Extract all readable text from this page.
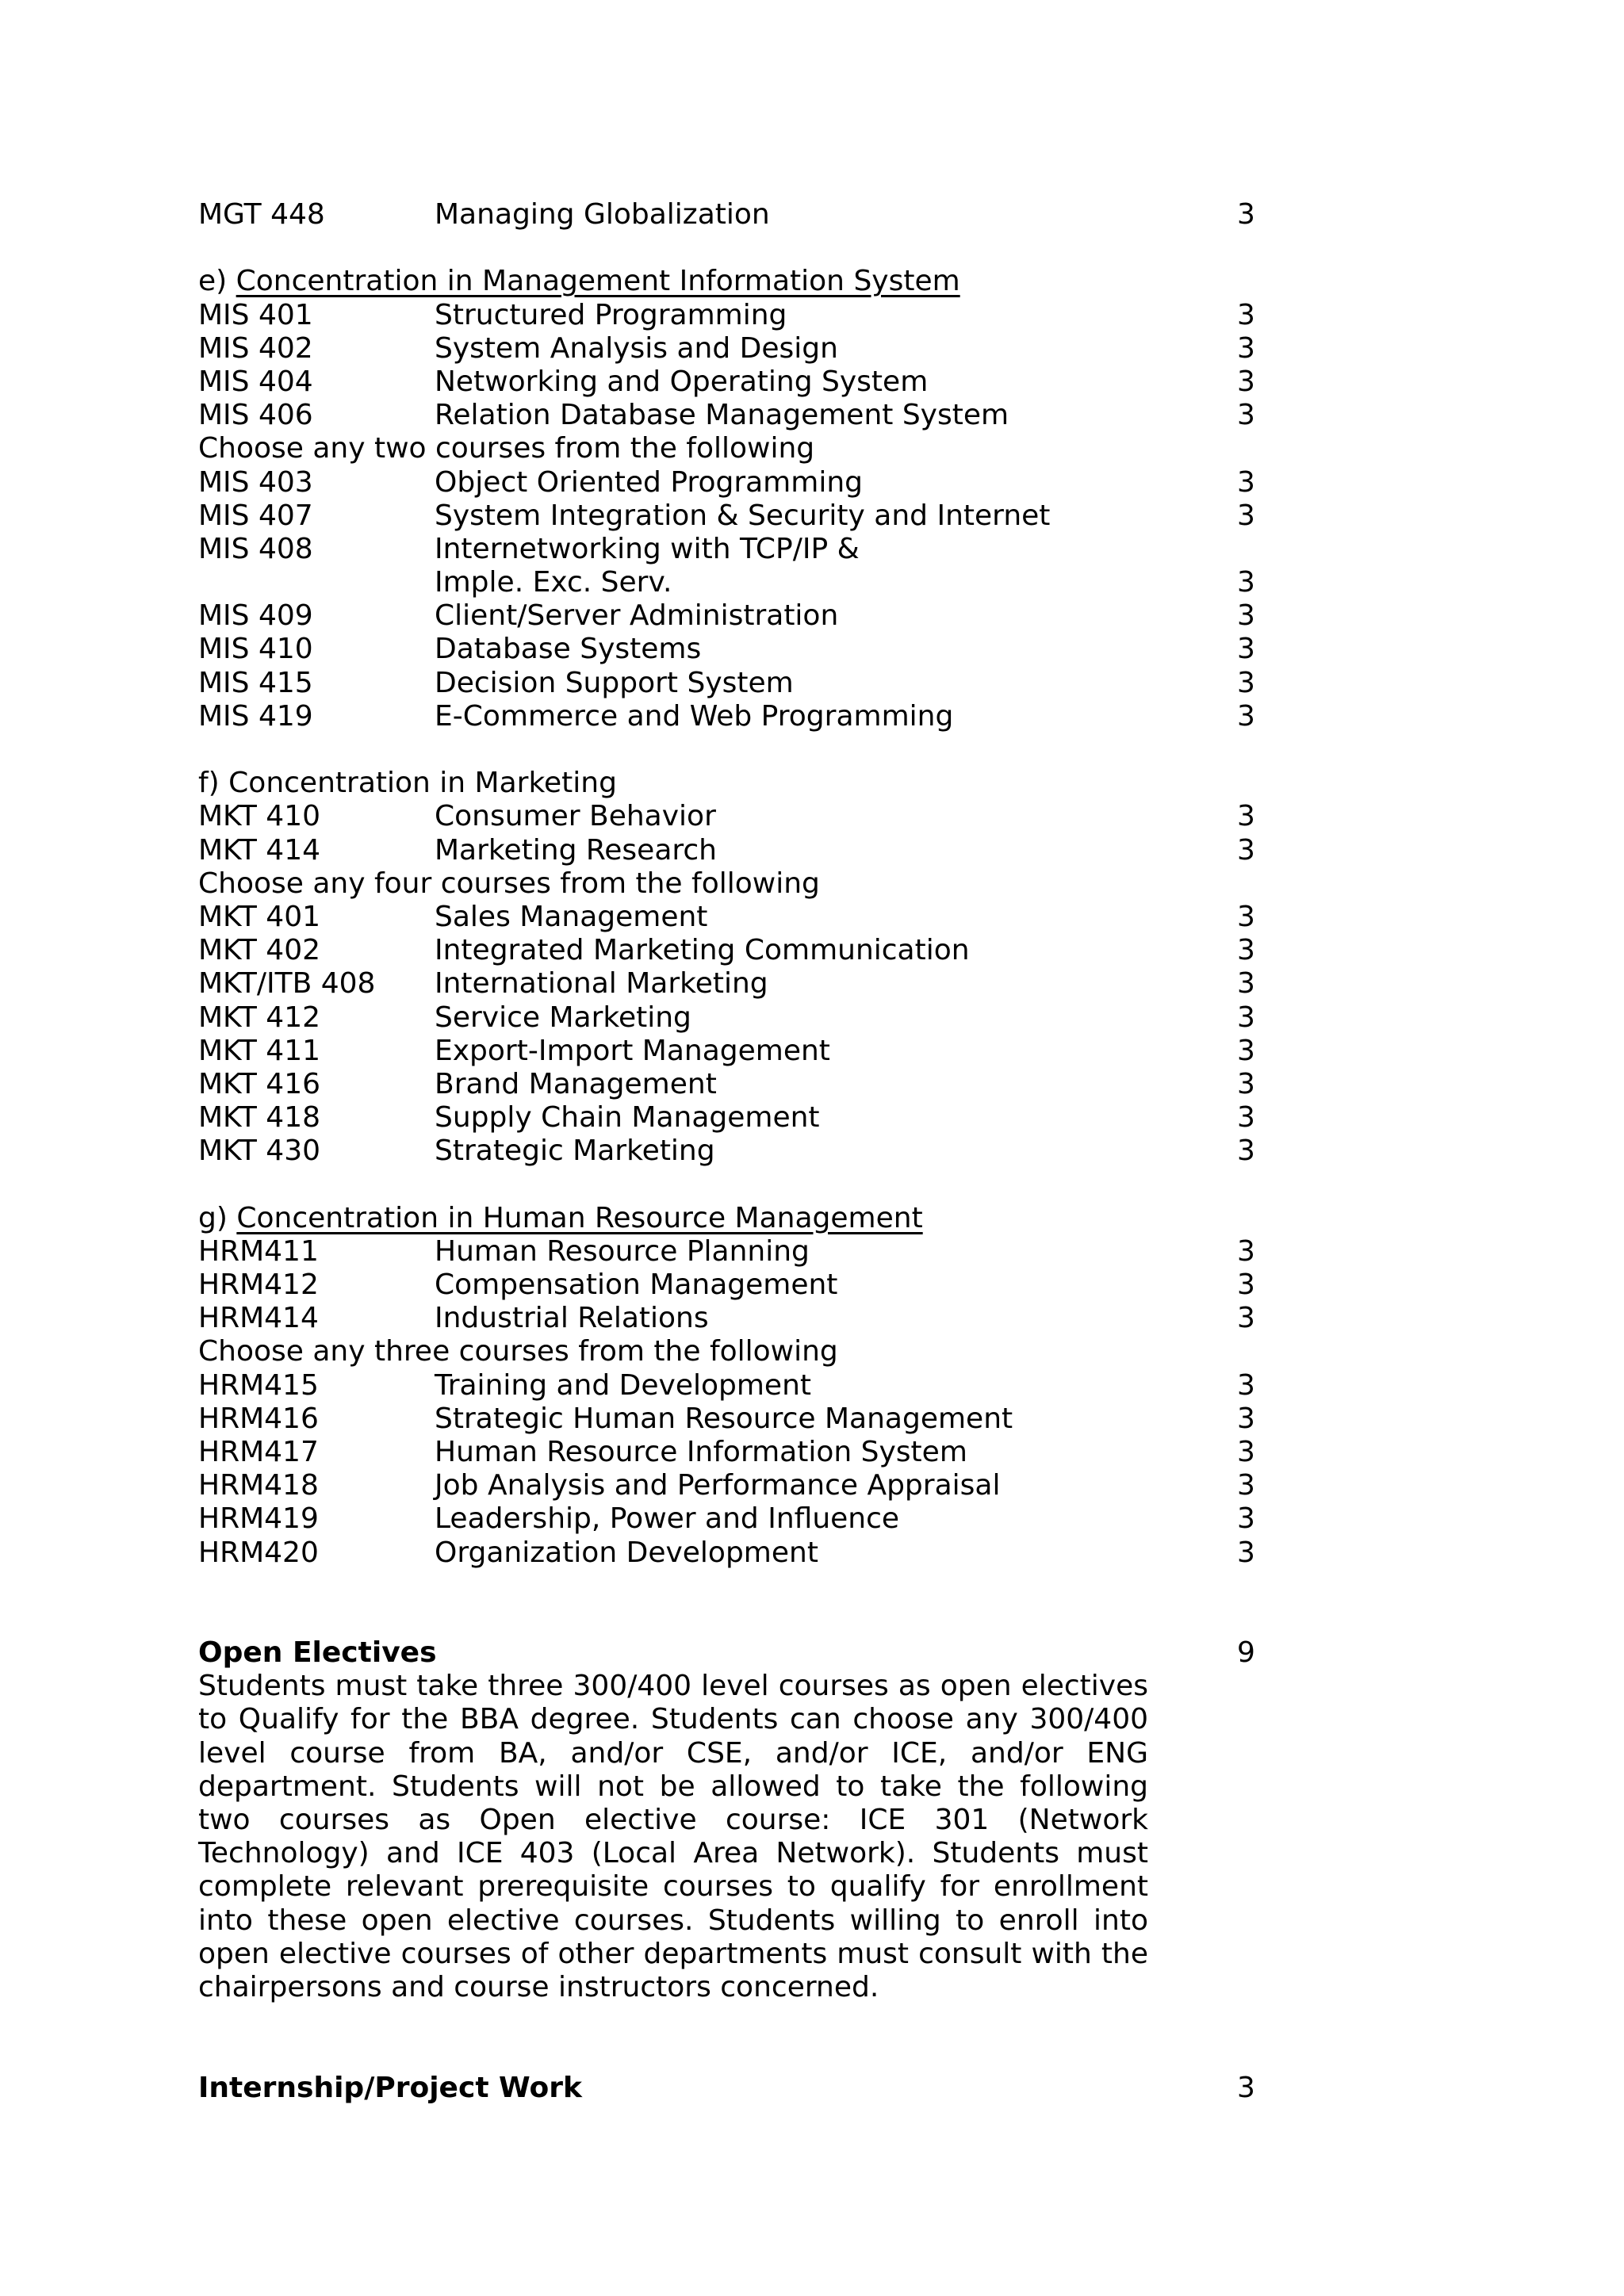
MGT 448	Managing Globalization	3
e) Concentration in Management Information System
MIS 401	Structured Programming	3
MIS 402	System Analysis and Design	3
MIS 404	Networking and Operating System	3
MIS 406	Relation Database Management System	3
Choose any two courses from the following
MIS 403	Object Oriented Programming	3
MIS 407	System Integration & Security and Internet	3
MIS 408	Internetworking with TCP/IP &
Imple. Exc. Serv.	3
MIS 409	Client/Server Administration	3
MIS 410	Database Systems	3
MIS 415	Decision Support System	3
MIS 419	E-Commerce and Web Programming	3
f) Concentration in Marketing
MKT 410	Consumer Behavior	3
MKT 414	Marketing Research	3
Choose any four courses from the following
MKT 401	Sales Management	3
MKT 402	Integrated Marketing Communication	3
MKT/ITB 408 International Marketing	3
MKT 412	Service Marketing	3
MKT 411	Export-Import Management	3
MKT 416	Brand Management	3
MKT 418	Supply Chain Management	3
MKT 430	Strategic Marketing	3
g) Concentration in Human Resource Management
HRM411	Human Resource Planning	3
HRM412	Compensation Management	3
HRM414	Industrial Relations	3
Choose any three courses from the following
HRM415	Training and Development	3
HRM416	Strategic Human Resource Management	3
HRM417	Human Resource Information System	3
HRM418	Job Analysis and Performance Appraisal	3
HRM419	Leadership, Power and Influence	3
HRM420	Organization Development	3
Open Electives	9
Students must take three 300/400 level courses as open electives to Qualify for the BBA degree. Students can choose any 300/400 level course from BA, and/or CSE, and/or ICE, and/or ENG department. Students will not be allowed to take the following two courses as Open elective course: ICE 301 (Network Technology) and ICE 403 (Local Area Network). Students must complete relevant prerequisite courses to qualify for enrollment into these open elective courses. Students willing to enroll into open elective courses of other departments must consult with the chairpersons and course instructors concerned.
Internship/Project Work	3
